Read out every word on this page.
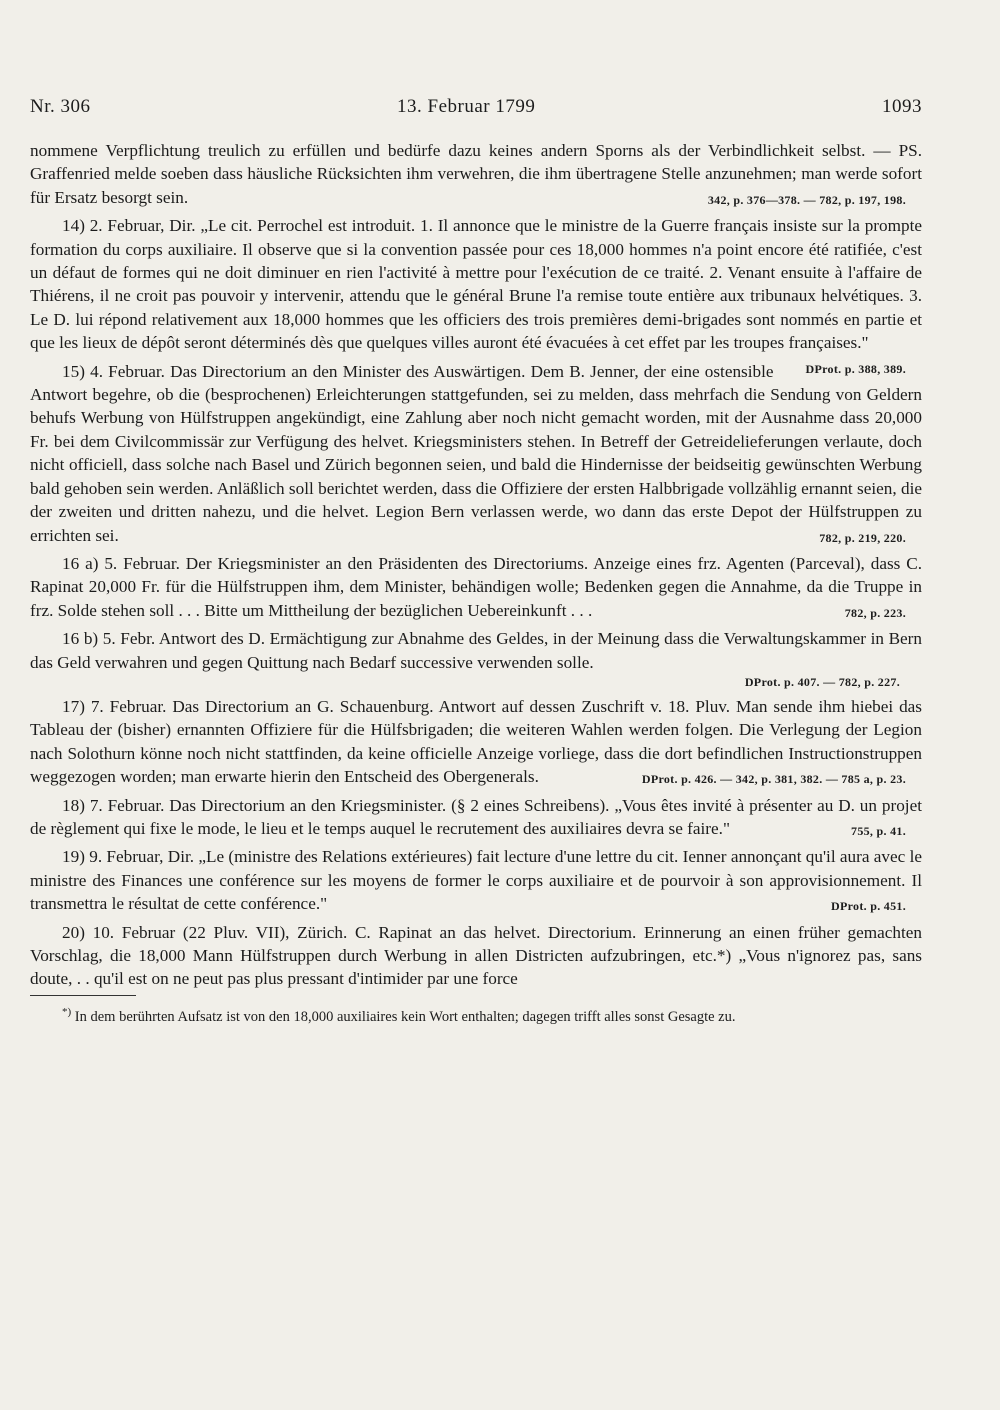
Nr. 306	13. Februar 1799	1093

nommene Verpflichtung treulich zu erfüllen und bedürfe dazu keines andern Sporns als der Verbindlichkeit selbst. — PS. Graffenried melde soeben dass häusliche Rücksichten ihm verwehren, die ihm übertragene Stelle anzunehmen; man werde sofort für Ersatz besorgt sein.	342, p. 376—378. — 782, p. 197, 198.

14) 2. Februar, Dir. „Le cit. Perrochel est introduit. 1. Il annonce que le ministre de la Guerre français insiste sur la prompte formation du corps auxiliaire. Il observe que si la convention passée pour ces 18,000 hommes n'a point encore été ratifiée, c'est un défaut de formes qui ne doit diminuer en rien l'activité à mettre pour l'exécution de ce traité. 2. Venant ensuite à l'affaire de Thiérens, il ne croit pas pouvoir y intervenir, attendu que le général Brune l'a remise toute entière aux tribunaux helvétiques. 3. Le D. lui répond relativement aux 18,000 hommes que les officiers des trois premières demi-brigades sont nommés en partie et que les lieux de dépôt seront déterminés dès que quelques villes auront été évacuées à cet effet par les troupes françaises."
DProt. p. 388, 389.

15) 4. Februar. Das Directorium an den Minister des Auswärtigen. Dem B. Jenner, der eine ostensible Antwort begehre, ob die (besprochenen) Erleichterungen stattgefunden, sei zu melden, dass mehrfach die Sendung von Geldern behufs Werbung von Hülfstruppen angekündigt, eine Zahlung aber noch nicht gemacht worden, mit der Ausnahme dass 20,000 Fr. bei dem Civilcommissär zur Verfügung des helvet. Kriegsministers stehen. In Betreff der Getreidelieferungen verlaute, doch nicht officiell, dass solche nach Basel und Zürich begonnen seien, und bald die Hindernisse der beidseitig gewünschten Werbung bald gehoben sein werden. Anläßlich soll berichtet werden, dass die Offiziere der ersten Halbbrigade vollzählig ernannt seien, die der zweiten und dritten nahezu, und die helvet. Legion Bern verlassen werde, wo dann das erste Depot der Hülfstruppen zu errichten sei.	782, p. 219, 220.

16 a) 5. Februar. Der Kriegsminister an den Präsidenten des Directoriums. Anzeige eines frz. Agenten (Parceval), dass C. Rapinat 20,000 Fr. für die Hülfstruppen ihm, dem Minister, behändigen wolle; Bedenken gegen die Annahme, da die Truppe in frz. Solde stehen soll . . . Bitte um Mittheilung der bezüglichen Uebereinkunft . . .	782, p. 223.

16 b) 5. Febr. Antwort des D. Ermächtigung zur Abnahme des Geldes, in der Meinung dass die Verwaltungskammer in Bern das Geld verwahren und gegen Quittung nach Bedarf successive verwenden solle.

DProt. p. 407. — 782, p. 227.

17) 7. Februar. Das Directorium an G. Schauenburg. Antwort auf dessen Zuschrift v. 18. Pluv. Man sende ihm hiebei das Tableau der (bisher) ernannten Offiziere für die Hülfsbrigaden; die weiteren Wahlen werden folgen. Die Verlegung der Legion nach Solothurn könne noch nicht stattfinden, da keine officielle Anzeige vorliege, dass die dort befindlichen Instructionstruppen weggezogen worden; man erwarte hierin den Entscheid des Obergenerals.	DProt. p. 426. — 342, p. 381, 382. — 785 a, p. 23.

18) 7. Februar. Das Directorium an den Kriegsminister. (§ 2 eines Schreibens). „Vous êtes invité à présenter au D. un projet de règlement qui fixe le mode, le lieu et le temps auquel le recrutement des auxiliaires devra se faire."	755, p. 41.

19) 9. Februar, Dir. „Le (ministre des Relations extérieures) fait lecture d'une lettre du cit. Ienner annonçant qu'il aura avec le ministre des Finances une conférence sur les moyens de former le corps auxiliaire et de pourvoir à son approvisionnement. Il transmettra le résultat de cette conférence."	DProt. p. 451.

20) 10. Februar (22 Pluv. VII), Zürich. C. Rapinat an das helvet. Directorium. Erinnerung an einen früher gemachten Vorschlag, die 18,000 Mann Hülfstruppen durch Werbung in allen Districten aufzubringen, etc.*) „Vous n'ignorez pas, sans doute, . . qu'il est on ne peut pas plus pressant d'intimider par une force

*) In dem berührten Aufsatz ist von den 18,000 auxiliaires kein Wort enthalten; dagegen trifft alles sonst Gesagte zu.
